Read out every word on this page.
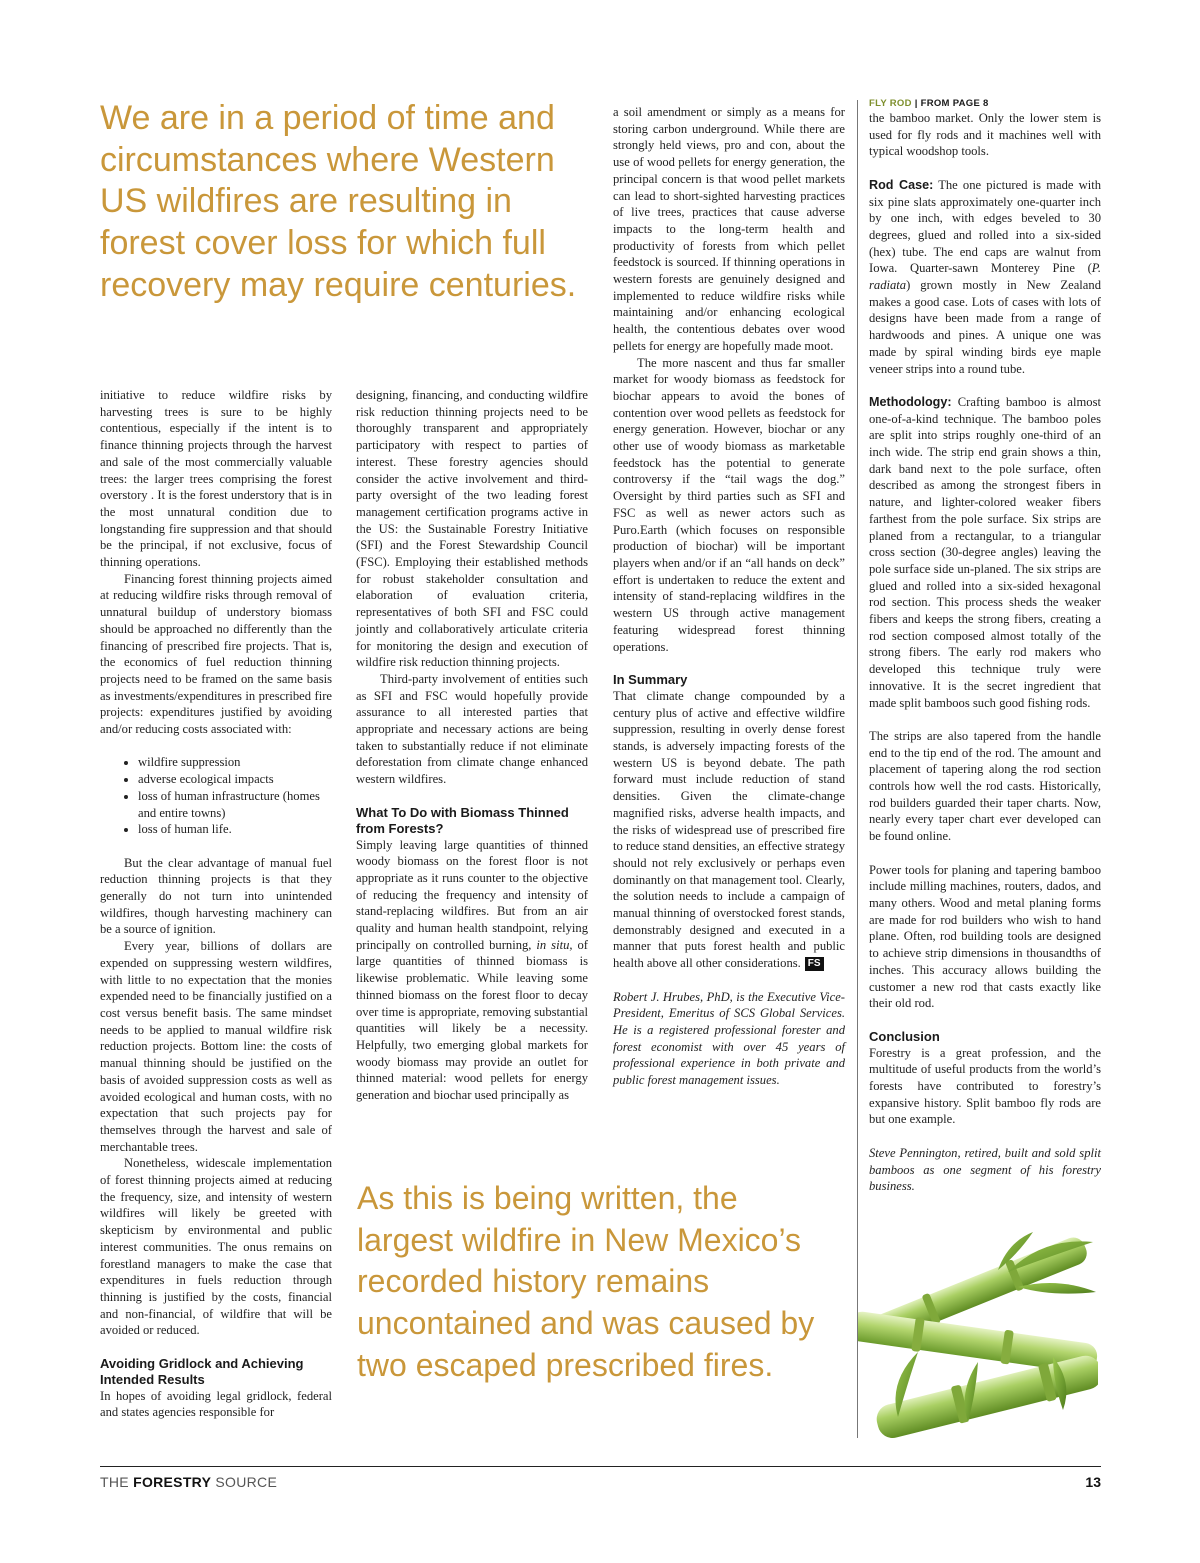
We are in a period of time and circumstances where Western US wildfires are resulting in forest cover loss for which full recovery may require centuries.

initiative to reduce wildfire risks by harvesting trees is sure to be highly contentious, especially if the intent is to finance thinning projects through the harvest and sale of the most commercially valuable trees: the larger trees comprising the forest overstory . It is the forest understory that is in the most unnatural condition due to longstanding fire suppression and that should be the principal, if not exclusive, focus of thinning operations.

Financing forest thinning projects aimed at reducing wildfire risks through removal of unnatural buildup of understory biomass should be approached no differently than the financing of prescribed fire projects. That is, the economics of fuel reduction thinning projects need to be framed on the same basis as investments/expenditures in prescribed fire projects: expenditures justified by avoiding and/or reducing costs associated with:

• wildfire suppression
• adverse ecological impacts
• loss of human infrastructure (homes and entire towns)
• loss of human life.

But the clear advantage of manual fuel reduction thinning projects is that they generally do not turn into unintended wildfires, though harvesting machinery can be a source of ignition.

Every year, billions of dollars are expended on suppressing western wildfires, with little to no expectation that the monies expended need to be financially justified on a cost versus benefit basis. The same mindset needs to be applied to manual wildfire risk reduction projects. Bottom line: the costs of manual thinning should be justified on the basis of avoided suppression costs as well as avoided ecological and human costs, with no expectation that such projects pay for themselves through the harvest and sale of merchantable trees.

Nonetheless, widescale implementation of forest thinning projects aimed at reducing the frequency, size, and intensity of western wildfires will likely be greeted with skepticism by environmental and public interest communities. The onus remains on forestland managers to make the case that expenditures in fuels reduction through thinning is justified by the costs, financial and non-financial, of wildfire that will be avoided or reduced.

Avoiding Gridlock and Achieving Intended Results

In hopes of avoiding legal gridlock, federal and states agencies responsible for

designing, financing, and conducting wildfire risk reduction thinning projects need to be thoroughly transparent and appropriately participatory with respect to parties of interest. These forestry agencies should consider the active involvement and third-party oversight of the two leading forest management certification programs active in the US: the Sustainable Forestry Initiative (SFI) and the Forest Stewardship Council (FSC). Employing their established methods for robust stakeholder consultation and elaboration of evaluation criteria, representatives of both SFI and FSC could jointly and collaboratively articulate criteria for monitoring the design and execution of wildfire risk reduction thinning projects.

Third-party involvement of entities such as SFI and FSC would hopefully provide assurance to all interested parties that appropriate and necessary actions are being taken to substantially reduce if not eliminate deforestation from climate change enhanced western wildfires.

What To Do with Biomass Thinned from Forests?

Simply leaving large quantities of thinned woody biomass on the forest floor is not appropriate as it runs counter to the objective of reducing the frequency and intensity of stand-replacing wildfires. But from an air quality and human health standpoint, relying principally on controlled burning, in situ, of large quantities of thinned biomass is likewise problematic. While leaving some thinned biomass on the forest floor to decay over time is appropriate, removing substantial quantities will likely be a necessity. Helpfully, two emerging global markets for woody biomass may provide an outlet for thinned material: wood pellets for energy generation and biochar used principally as

a soil amendment or simply as a means for storing carbon underground. While there are strongly held views, pro and con, about the use of wood pellets for energy generation, the principal concern is that wood pellet markets can lead to short-sighted harvesting practices of live trees, practices that cause adverse impacts to the long-term health and productivity of forests from which pellet feedstock is sourced. If thinning operations in western forests are genuinely designed and implemented to reduce wildfire risks while maintaining and/or enhancing ecological health, the contentious debates over wood pellets for energy are hopefully made moot.

The more nascent and thus far smaller market for woody biomass as feedstock for biochar appears to avoid the bones of contention over wood pellets as feedstock for energy generation. However, biochar or any other use of woody biomass as marketable feedstock has the potential to generate controversy if the “tail wags the dog.” Oversight by third parties such as SFI and FSC as well as newer actors such as Puro.Earth (which focuses on responsible production of biochar) will be important players when and/or if an “all hands on deck” effort is undertaken to reduce the extent and intensity of stand-replacing wildfires in the western US through active management featuring widespread forest thinning operations.

In Summary

That climate change compounded by a century plus of active and effective wildfire suppression, resulting in overly dense forest stands, is adversely impacting forests of the western US is beyond debate. The path forward must include reduction of stand densities. Given the climate-change magnified risks, adverse health impacts, and the risks of widespread use of prescribed fire to reduce stand densities, an effective strategy should not rely exclusively or perhaps even dominantly on that management tool. Clearly, the solution needs to include a campaign of manual thinning of overstocked forest stands, demonstrably designed and executed in a manner that puts forest health and public health above all other considerations. FS

Robert J. Hrubes, PhD, is the Executive Vice-President, Emeritus of SCS Global Services. He is a registered professional forester and forest economist with over 45 years of professional experience in both private and public forest management issues.

FLY ROD | FROM PAGE 8

the bamboo market. Only the lower stem is used for fly rods and it machines well with typical woodshop tools.

Rod Case: The one pictured is made with six pine slats approximately one-quarter inch by one inch, with edges beveled to 30 degrees, glued and rolled into a six-sided (hex) tube. The end caps are walnut from Iowa. Quarter-sawn Monterey Pine (P. radiata) grown mostly in New Zealand makes a good case. Lots of cases with lots of designs have been made from a range of hardwoods and pines. A unique one was made by spiral winding birds eye maple veneer strips into a round tube.

Methodology: Crafting bamboo is almost one-of-a-kind technique. The bamboo poles are split into strips roughly one-third of an inch wide. The strip end grain shows a thin, dark band next to the pole surface, often described as among the strongest fibers in nature, and lighter-colored weaker fibers farthest from the pole surface. Six strips are planed from a rectangular, to a triangular cross section (30-degree angles) leaving the pole surface side un-planed. The six strips are glued and rolled into a six-sided hexagonal rod section. This process sheds the weaker fibers and keeps the strong fibers, creating a rod section composed almost totally of the strong fibers. The early rod makers who developed this technique truly were innovative. It is the secret ingredient that made split bamboos such good fishing rods.

The strips are also tapered from the handle end to the tip end of the rod. The amount and placement of tapering along the rod section controls how well the rod casts. Historically, rod builders guarded their taper charts. Now, nearly every taper chart ever developed can be found online.

Power tools for planing and tapering bamboo include milling machines, routers, dados, and many others. Wood and metal planing forms are made for rod builders who wish to hand plane. Often, rod building tools are designed to achieve strip dimensions in thousandths of inches. This accuracy allows building the customer a new rod that casts exactly like their old rod.

Conclusion

Forestry is a great profession, and the multitude of useful products from the world’s forests have contributed to forestry’s expansive history. Split bamboo fly rods are but one example.

Steve Pennington, retired, built and sold split bamboos as one segment of his forestry business.

As this is being written, the largest wildfire in New Mexico’s recorded history remains uncontained and was caused by two escaped prescribed fires.

THE FORESTRY SOURCE	13
